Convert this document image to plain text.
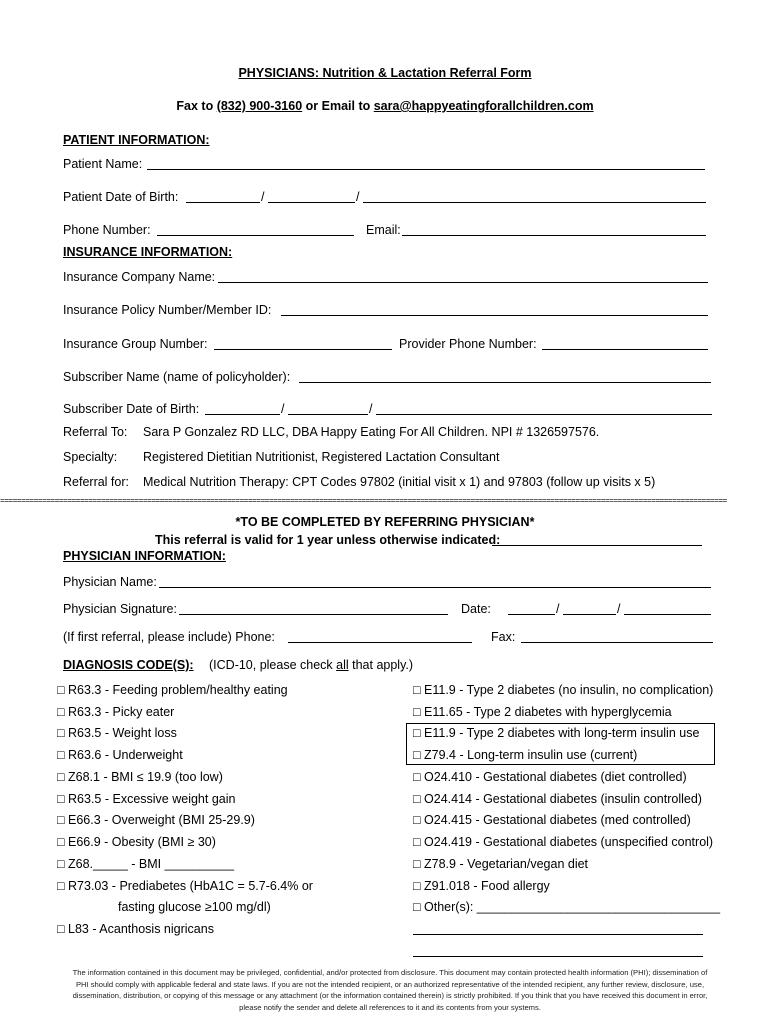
PHYSICIANS: Nutrition & Lactation Referral Form
Fax to (832) 900-3160 or Email to sara@happyeatingforallchildren.com
PATIENT INFORMATION:
Patient Name:
Patient Date of Birth:	/	/
Phone Number:	Email:
INSURANCE INFORMATION:
Insurance Company Name:
Insurance Policy Number/Member ID:
Insurance Group Number:	Provider Phone Number:
Subscriber Name (name of policyholder):
Subscriber Date of Birth:	/	/
Referral To: Sara P Gonzalez RD LLC, DBA Happy Eating For All Children. NPI # 1326597576.
Specialty: Registered Dietitian Nutritionist, Registered Lactation Consultant
Referral for: Medical Nutrition Therapy: CPT Codes 97802 (initial visit x 1) and 97803 (follow up visits x 5)
=============================================================================================================================================================================
*TO BE COMPLETED BY REFERRING PHYSICIAN*
This referral is valid for 1 year unless otherwise indicated:
PHYSICIAN INFORMATION:
Physician Name:
Physician Signature:	Date:	/	/
(If first referral, please include) Phone:	Fax:
DIAGNOSIS CODE(S): (ICD-10, please check all that apply.)
□ R63.3 - Feeding problem/healthy eating
□ R63.3 - Picky eater
□ R63.5 - Weight loss
□ R63.6 - Underweight
□ Z68.1 - BMI ≤ 19.9 (too low)
□ R63.5 - Excessive weight gain
□ E66.3 - Overweight (BMI 25-29.9)
□ E66.9 - Obesity (BMI ≥ 30)
□ Z68._____ - BMI __________
□ R73.03 - Prediabetes (HbA1C = 5.7-6.4% or
fasting glucose ≥100 mg/dl)
□ L83 - Acanthosis nigricans
□ E11.9 - Type 2 diabetes (no insulin, no complication)
□ E11.65 - Type 2 diabetes with hyperglycemia
□ E11.9 - Type 2 diabetes with long-term insulin use
□ Z79.4 - Long-term insulin use (current)
□ O24.410 - Gestational diabetes (diet controlled)
□ O24.414 - Gestational diabetes (insulin controlled)
□ O24.415 - Gestational diabetes (med controlled)
□ O24.419 - Gestational diabetes (unspecified control)
□ Z78.9 - Vegetarian/vegan diet
□ Z91.018 - Food allergy
□ Other(s): ___________________________________
The information contained in this document may be privileged, confidential, and/or protected from disclosure. This document may contain protected health information (PHI); dissemination of PHI should comply with applicable federal and state laws. If you are not the intended recipient, or an authorized representative of the intended recipient, any further review, disclosure, use, dissemination, distribution, or copying of this message or any attachment (or the information contained therein) is strictly prohibited. If you think that you have received this document in error, please notify the sender and delete all references to it and its contents from your systems.
